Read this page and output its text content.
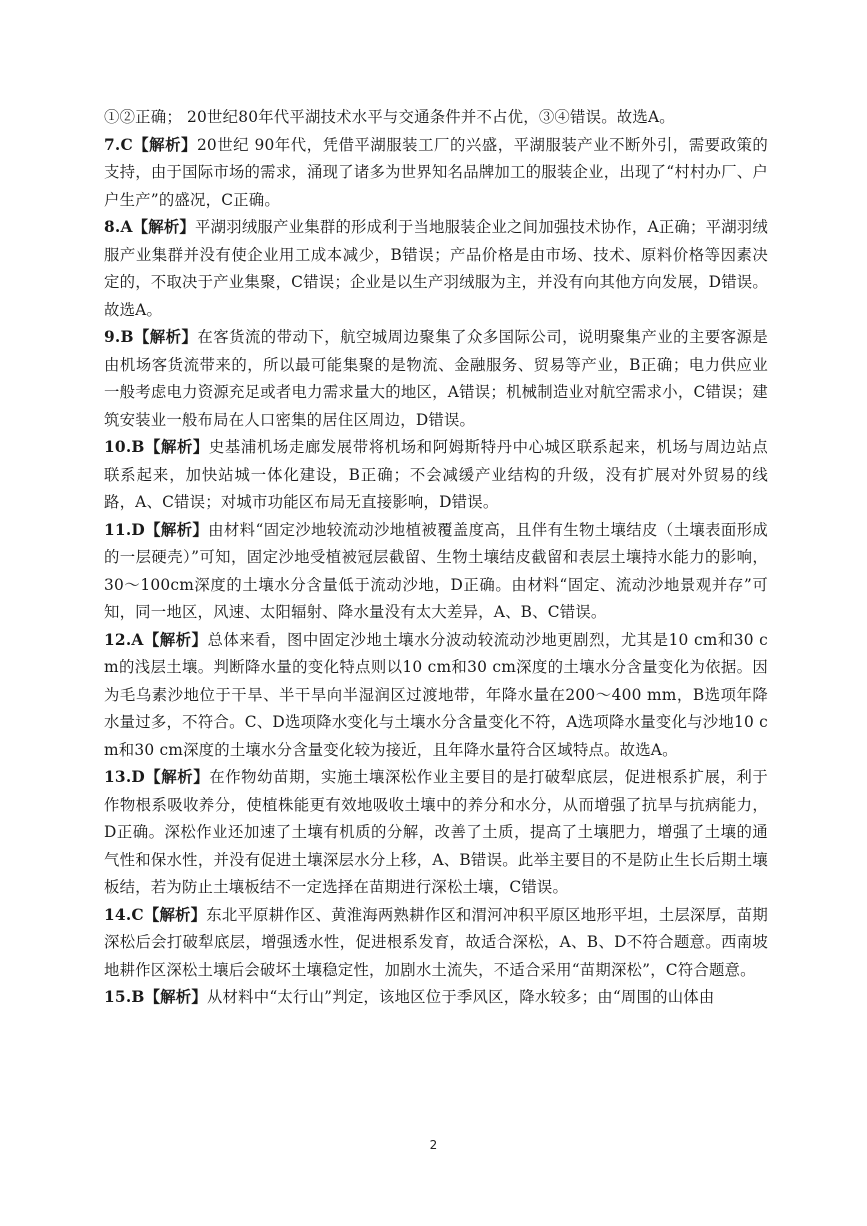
①②正确； 20世纪80年代平湖技术水平与交通条件并不占优，③④错误。故选A。

7.C【解析】20世纪 90年代，凭借平湖服装工厂的兴盛，平湖服装产业不断外引，需要政策的支持，由于国际市场的需求，涌现了诸多为世界知名品牌加工的服装企业，出现了“村村办厂、户户生产”的盛况，C正确。

8.A【解析】平湖羽绒服产业集群的形成利于当地服装企业之间加强技术协作，A正确；平湖羽绒服产业集群并没有使企业用工成本减少，B错误；产品价格是由市场、技术、原料价格等因素决定的，不取决于产业集聚，C错误；企业是以生产羽绒服为主，并没有向其他方向发展，D错误。故选A。

9.B【解析】在客货流的带动下，航空城周边聚集了众多国际公司，说明聚集产业的主要客源是由机场客货流带来的，所以最可能集聚的是物流、金融服务、贸易等产业，B正确；电力供应业一般考虑电力资源充足或者电力需求量大的地区，A错误；机械制造业对航空需求小，C错误；建筑安装业一般布局在人口密集的居住区周边，D错误。

10.B【解析】史基浦机场走廊发展带将机场和阿姆斯特丹中心城区联系起来，机场与周边站点联系起来，加快站城一体化建设，B正确；不会减缓产业结构的升级，没有扩展对外贸易的线路，A、C错误；对城市功能区布局无直接影响，D错误。

11.D【解析】由材料“固定沙地较流动沙地植被覆盖度高，且伴有生物土壤结皮（土壤表面形成的一层硬壳）”可知，固定沙地受植被冠层截留、生物土壤结皮截留和表层土壤持水能力的影响，30～100cm深度的土壤水分含量低于流动沙地，D正确。由材料“固定、流动沙地景观并存”可知，同一地区，风速、太阳辐射、降水量没有太大差异，A、B、C错误。

12.A【解析】总体来看，图中固定沙地土壤水分波动较流动沙地更剧烈，尤其是10 cm和30 cm的浅层土壤。判断降水量的变化特点则以10 cm和30 cm深度的土壤水分含量变化为依据。因为毛乌素沙地位于干旱、半干旱向半湿润区过渡地带，年降水量在200～400 mm，B选项年降水量过多，不符合。C、D选项降水变化与土壤水分含量变化不符，A选项降水量变化与沙地10 cm和30 cm深度的土壤水分含量变化较为接近，且年降水量符合区域特点。故选A。

13.D【解析】在作物幼苗期，实施土壤深松作业主要目的是打破犁底层，促进根系扩展，利于作物根系吸收养分，使植株能更有效地吸收土壤中的养分和水分，从而增强了抗旱与抗病能力，D正确。深松作业还加速了土壤有机质的分解，改善了土质，提高了土壤肥力，增强了土壤的通气性和保水性，并没有促进土壤深层水分上移，A、B错误。此举主要目的不是防止生长后期土壤板结，若为防止土壤板结不一定选择在苗期进行深松土壤，C错误。

14.C【解析】东北平原耕作区、黄淮海两熟耕作区和渭河冲积平原区地形平坦，土层深厚，苗期深松后会打破犁底层，增强透水性，促进根系发育，故适合深松，A、B、D不符合题意。西南坡地耕作区深松土壤后会破坏土壤稳定性，加剧水土流失，不适合采用“苗期深松”，C符合题意。

15.B【解析】从材料中“太行山”判定，该地区位于季风区，降水较多；由“周围的山体由

2
